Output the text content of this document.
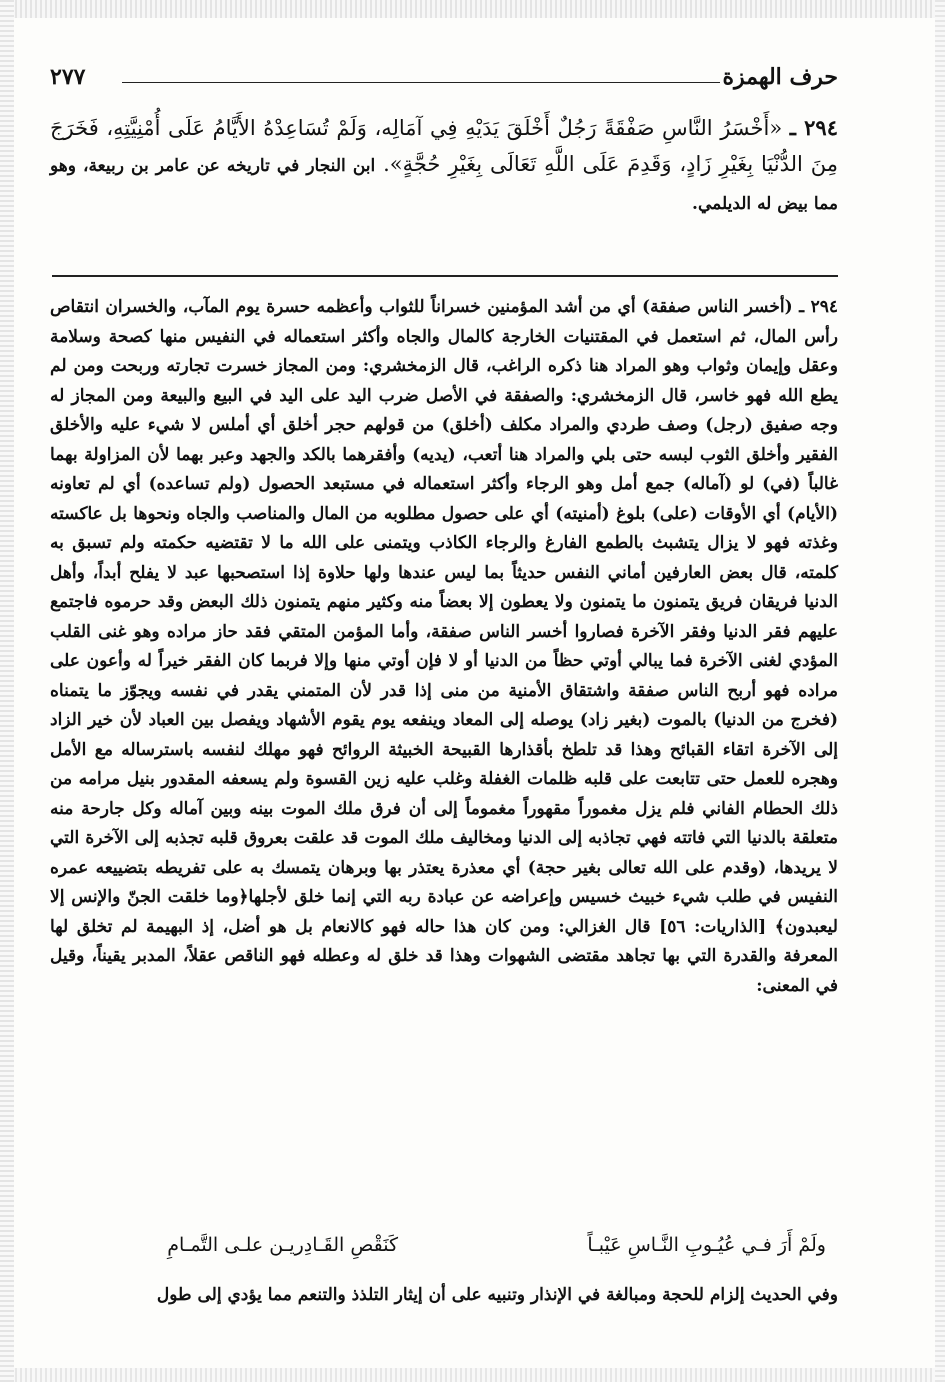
حرف الهمزة
٢٧٧
٢٩٤ ـ «أَخْسَرُ النَّاسِ صَفْقَةً رَجُلٌ أَخْلَقَ يَدَيْهِ فِي آمَالِه، وَلَمْ تُسَاعِدْهُ الأَيَّامُ عَلَى أُمْنِيَّتِهِ، فَخَرَجَ مِنَ الدُّنْيَا بِغَيْرِ زَادٍ، وَقَدِمَ عَلَى اللَّهِ تَعَالَى بِغَيْرِ حُجَّةٍ». ابن النجار في تاريخه عن عامر بن ربيعة، وهو مما بيض له الديلمي.

٢٩٤ ـ (أخسر الناس صفقة) أي من أشد المؤمنين خسراناً للثواب وأعظمه حسرة يوم المآب، والخسران انتقاص رأس المال، ثم استعمل في المقتنيات الخارجة كالمال والجاه وأكثر استعماله في النفيس منها كصحة وسلامة وعقل وإيمان وثواب وهو المراد هنا ذكره الراغب، قال الزمخشري: ومن المجاز خسرت تجارته وربحت ومن لم يطع الله فهو خاسر، قال الزمخشري: والصفقة في الأصل ضرب اليد على اليد في البيع والبيعة ومن المجاز له وجه صفيق (رجل) وصف طردي والمراد مكلف (أخلق) من قولهم حجر أخلق أي أملس لا شيء عليه والأخلق الفقير وأخلق الثوب لبسه حتى بلي والمراد هنا أتعب، (يديه) وأفقرهما بالكد والجهد وعبر بهما لأن المزاولة بهما غالباً (في) لو (آماله) جمع أمل وهو الرجاء وأكثر استعماله في مستبعد الحصول (ولم تساعده) أي لم تعاونه (الأيام) أي الأوقات (على) بلوغ (أمنيته) أي على حصول مطلوبه من المال والمناصب والجاه ونحوها بل عاكسته وغذته فهو لا يزال يتشبث بالطمع الفارغ والرجاء الكاذب ويتمنى على الله ما لا تقتضيه حكمته ولم تسبق به كلمته، قال بعض العارفين أماني النفس حديثاً بما ليس عندها ولها حلاوة إذا استصحبها عبد لا يفلح أبداً، وأهل الدنيا فريقان فريق يتمنون ما يتمنون ولا يعطون إلا بعضاً منه وكثير منهم يتمنون ذلك البعض وقد حرموه فاجتمع عليهم فقر الدنيا وفقر الآخرة فصاروا أخسر الناس صفقة، وأما المؤمن المتقي فقد حاز مراده وهو غنى القلب المؤدي لغنى الآخرة فما يبالي أوتي حظاً من الدنيا أو لا فإن أوتي منها وإلا فربما كان الفقر خيراً له وأعون على مراده فهو أربح الناس صفقة واشتقاق الأمنية من منى إذا قدر لأن المتمني يقدر في نفسه ويجوّز ما يتمناه (فخرج من الدنيا) بالموت (بغير زاد) يوصله إلى المعاد وينفعه يوم يقوم الأشهاد ويفصل بين العباد لأن خير الزاد إلى الآخرة اتقاء القبائح وهذا قد تلطخ بأقذارها القبيحة الخبيثة الروائح فهو مهلك لنفسه باسترساله مع الأمل وهجره للعمل حتى تتابعت على قلبه ظلمات الغفلة وغلب عليه زين القسوة ولم يسعفه المقدور بنيل مرامه من ذلك الحطام الفاني فلم يزل مغموراً مقهوراً مغموماً إلى أن فرق ملك الموت بينه وبين آماله وكل جارحة منه متعلقة بالدنيا التي فاتته فهي تجاذبه إلى الدنيا ومخاليف ملك الموت قد علقت بعروق قلبه تجذبه إلى الآخرة التي لا يريدها، (وقدم على الله تعالى بغير حجة) أي معذرة يعتذر بها وبرهان يتمسك به على تفريطه بتضييعه عمره النفيس في طلب شيء خبيث خسيس وإعراضه عن عبادة ربه التي إنما خلق لأجلها﴿وما خلقت الجنّ والإنس إلا ليعبدون﴾ [الذاريات: ٥٦] قال الغزالي: ومن كان هذا حاله فهو كالانعام بل هو أضل، إذ البهيمة لم تخلق لها المعرفة والقدرة التي بها تجاهد مقتضى الشهوات وهذا قد خلق له وعطله فهو الناقص عقلاً، المدبر يقيناً، وقيل في المعنى:

ولَمْ أَرَ فـي عُيُـوبِ النَّـاسِ عَيْبـاً
كَنَقْصِ القَـادِريـن علـى التَّمـامِ
وفي الحديث إلزام للحجة ومبالغة في الإنذار وتنبيه على أن إيثار التلذذ والتنعم مما يؤدي إلى طول
